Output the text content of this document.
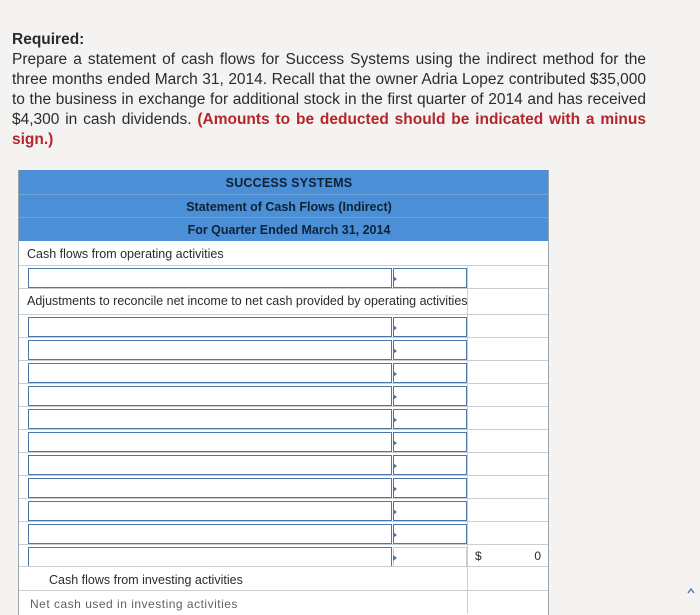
Required:
Prepare a statement of cash flows for Success Systems using the indirect method for the three months ended March 31, 2014. Recall that the owner Adria Lopez contributed $35,000 to the business in exchange for additional stock in the first quarter of 2014 and has received $4,300 in cash dividends. (Amounts to be deducted should be indicated with a minus sign.)
SUCCESS SYSTEMS
Statement of Cash Flows (Indirect)
For Quarter Ended March 31, 2014
Cash flows from operating activities
Adjustments to reconcile net income to net cash provided by operating activities
$	0
Cash flows from investing activities
Net cash used in investing activities
